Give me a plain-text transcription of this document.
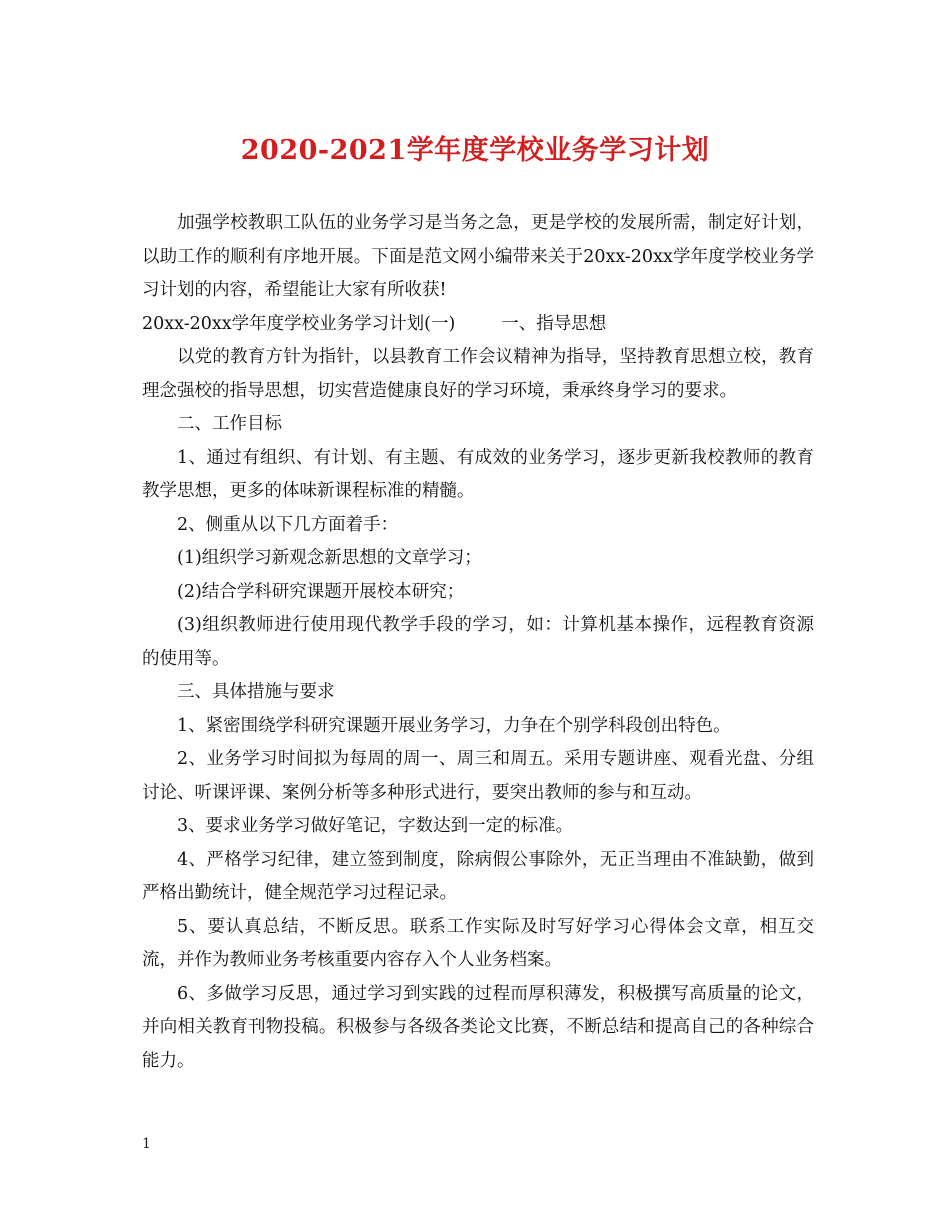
2020-2021学年度学校业务学习计划

加强学校教职工队伍的业务学习是当务之急，更是学校的发展所需，制定好计划，以助工作的顺利有序地开展。下面是范文网小编带来关于20xx-20xx学年度学校业务学习计划的内容，希望能让大家有所收获!

20xx-20xx学年度学校业务学习计划(一)	一、指导思想

以党的教育方针为指针，以县教育工作会议精神为指导，坚持教育思想立校，教育理念强校的指导思想，切实营造健康良好的学习环境，秉承终身学习的要求。

二、工作目标

1、通过有组织、有计划、有主题、有成效的业务学习，逐步更新我校教师的教育教学思想，更多的体味新课程标准的精髓。

2、侧重从以下几方面着手：

(1)组织学习新观念新思想的文章学习；

(2)结合学科研究课题开展校本研究；

(3)组织教师进行使用现代教学手段的学习，如：计算机基本操作，远程教育资源的使用等。

三、具体措施与要求

1、紧密围绕学科研究课题开展业务学习，力争在个别学科段创出特色。

2、业务学习时间拟为每周的周一、周三和周五。采用专题讲座、观看光盘、分组讨论、听课评课、案例分析等多种形式进行，要突出教师的参与和互动。

3、要求业务学习做好笔记，字数达到一定的标准。

4、严格学习纪律，建立签到制度，除病假公事除外，无正当理由不准缺勤，做到严格出勤统计，健全规范学习过程记录。

5、要认真总结，不断反思。联系工作实际及时写好学习心得体会文章，相互交流，并作为教师业务考核重要内容存入个人业务档案。

6、多做学习反思，通过学习到实践的过程而厚积薄发，积极撰写高质量的论文，并向相关教育刊物投稿。积极参与各级各类论文比赛，不断总结和提高自己的各种综合能力。

1
